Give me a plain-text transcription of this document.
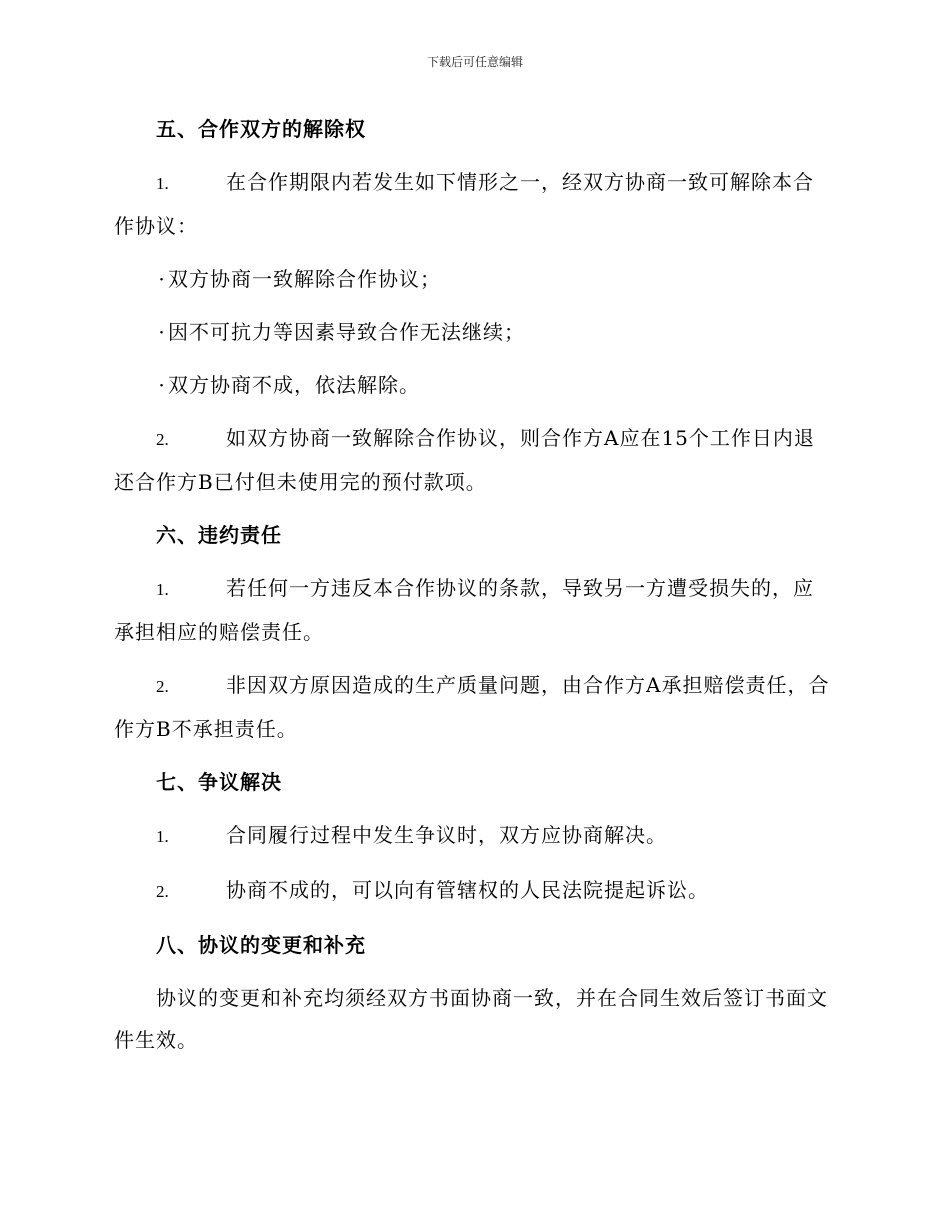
下载后可任意编辑
五、合作双方的解除权
1.	在合作期限内若发生如下情形之一，经双方协商一致可解除本合作协议：
· 双方协商一致解除合作协议；
· 因不可抗力等因素导致合作无法继续；
· 双方协商不成，依法解除。
2.	如双方协商一致解除合作协议，则合作方A应在15个工作日内退还合作方B已付但未使用完的预付款项。
六、违约责任
1.	若任何一方违反本合作协议的条款，导致另一方遭受损失的，应承担相应的赔偿责任。
2.	非因双方原因造成的生产质量问题，由合作方A承担赔偿责任，合作方B不承担责任。
七、争议解决
1.	合同履行过程中发生争议时，双方应协商解决。
2.	协商不成的，可以向有管辖权的人民法院提起诉讼。
八、协议的变更和补充
协议的变更和补充均须经双方书面协商一致，并在合同生效后签订书面文件生效。
